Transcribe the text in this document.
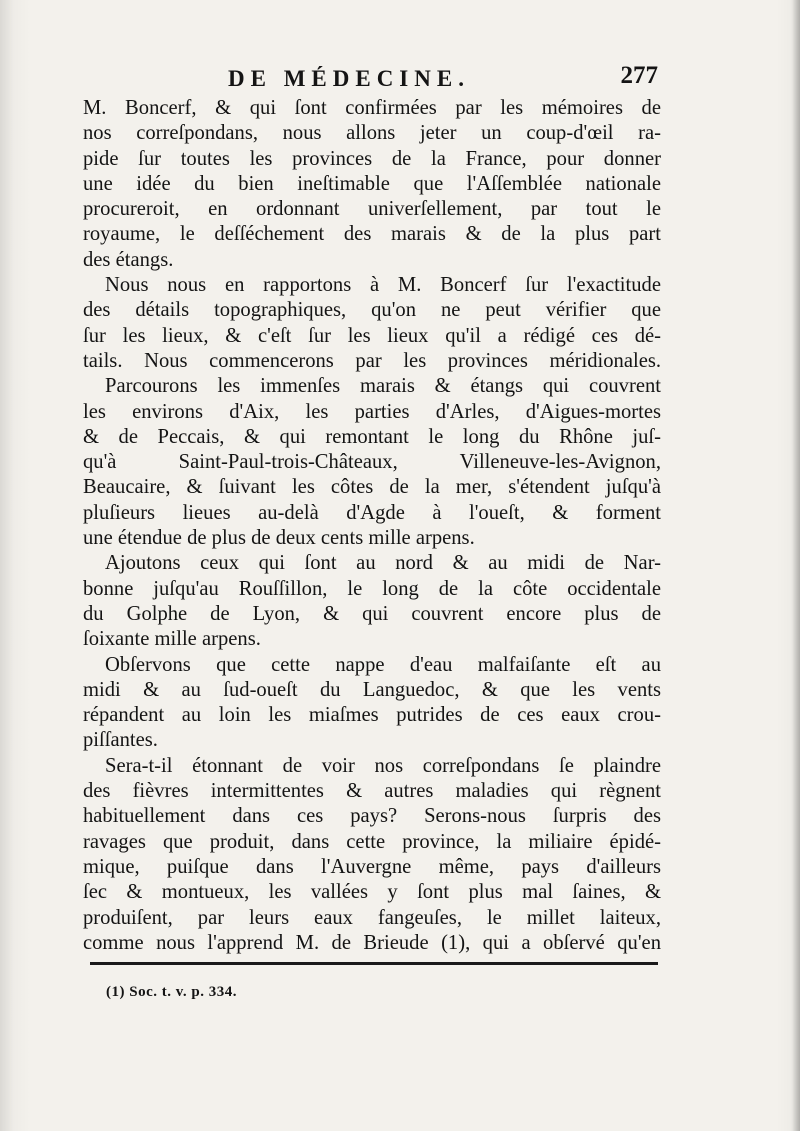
DE MÉDECINE.	277
M. Boncerf, & qui ſont confirmées par les mémoires de
nos correſpondans, nous allons jeter un coup-d'œil ra-
pide ſur toutes les provinces de la France, pour donner
une idée du bien ineſtimable que l'Aſſemblée nationale
procureroit, en ordonnant univerſellement, par tout le
royaume, le deſſéchement des marais & de la plus part
des étangs.
Nous nous en rapportons à M. Boncerf ſur l'exactitude
des détails topographiques, qu'on ne peut vérifier que
ſur les lieux, & c'eſt ſur les lieux qu'il a rédigé ces dé-
tails. Nous commencerons par les provinces méridionales.
Parcourons les immenſes marais & étangs qui couvrent
les environs d'Aix, les parties d'Arles, d'Aigues-mortes
& de Peccais, & qui remontant le long du Rhône juſ-
qu'à Saint-Paul-trois-Châteaux, Villeneuve-les-Avignon,
Beaucaire, & ſuivant les côtes de la mer, s'étendent juſqu'à
pluſieurs lieues au-delà d'Agde à l'oueſt, & forment
une étendue de plus de deux cents mille arpens.
Ajoutons ceux qui ſont au nord & au midi de Nar-
bonne juſqu'au Rouſſillon, le long de la côte occidentale
du Golphe de Lyon, & qui couvrent encore plus de
ſoixante mille arpens.
Obſervons que cette nappe d'eau malfaiſante eſt au
midi & au ſud-oueſt du Languedoc, & que les vents
répandent au loin les miaſmes putrides de ces eaux crou-
piſſantes.
Sera-t-il étonnant de voir nos correſpondans ſe plaindre
des fièvres intermittentes & autres maladies qui règnent
habituellement dans ces pays? Serons-nous ſurpris des
ravages que produit, dans cette province, la miliaire épidé-
mique, puiſque dans l'Auvergne même, pays d'ailleurs
ſec & montueux, les vallées y ſont plus mal ſaines, &
produiſent, par leurs eaux fangeuſes, le millet laiteux,
comme nous l'apprend M. de Brieude (1), qui a obſervé qu'en
(1) Soc. t. v. p. 334.
